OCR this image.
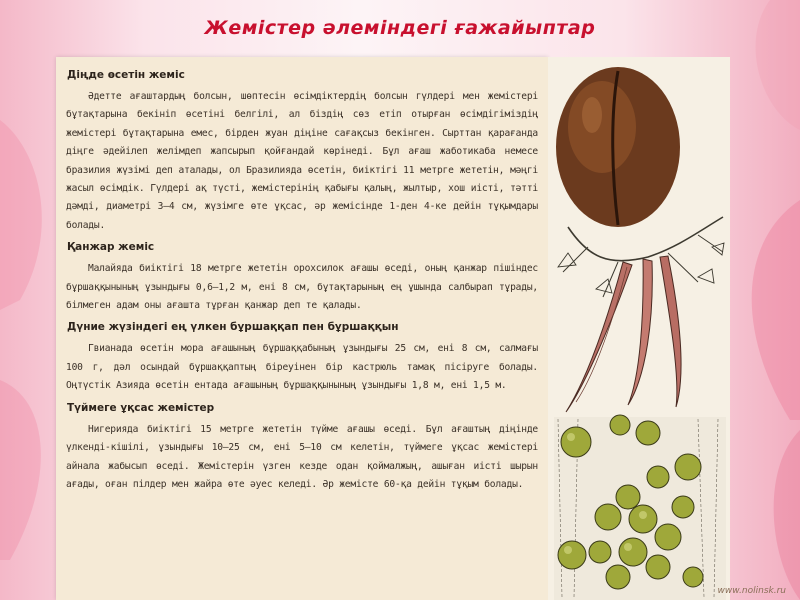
Жемістер әлеміндегі ғажайыптар
Діңде өсетін жеміс

Әдетте ағаштардың болсын, шөптесін өсімдіктердің болсын гүлдері мен жемістері бұтақтарына бекініп өсетіні белгілі, ал біздің сөз етіп отырған өсімдігіміздің жемістері бұтақтарына емес, бірден жуан діңіне сағақсыз бекінген. Сырттан қарағанда діңге әдейілеп желімдеп жапсырып қойғандай көрінеді. Бұл ағаш жаботикаба немесе бразилия жүзімі деп аталады, ол Бразилияда өсетін, биіктігі 11 метрге жететін, мәңгі жасыл өсімдік. Гүлдері ақ түсті, жемістерінің қабығы қалың, жылтыр, хош иісті, тәтті дәмді, диаметрі 3—4 см, жүзімге өте ұқсас, әр жемісінде 1-ден 4-ке дейін тұқымдары болады.

Қанжар жеміс

Малайяда биіктігі 18 метрге жететін орохсилок ағашы өседі, оның қанжар пішіндес бұршаққынының ұзындығы 0,6—1,2 м, ені 8 см, бұтақтарының ең ұшында салбырап тұрады, білмеген адам оны ағашта тұрған қанжар деп те қалады.

Дүние жүзіндегі ең үлкен бұршаққап пен бұршаққын

Гвианада өсетін мора ағашының бұршаққабының ұзындығы 25 см, ені 8 см, салмағы 100 г, дәл осындай бұршаққаптың біреуінен бір кастрюль тамақ пісіруге болады. Оңтүстік Азияда өсетін ентада ағашының бұршаққынының ұзындығы 1,8 м, ені 1,5 м.

Түймеге ұқсас жемістер

Нигерияда биіктігі 15 метрге жететін түйме ағашы өседі. Бұл ағаштың діңінде үлкенді-кішілі, ұзындығы 10—25 см, ені 5—10 см келетін, түймеге ұқсас жемістері айнала жабысып өседі. Жемістерін үзген кезде одан қоймалжың, ашыған иісті шырын ағады, оған пілдер мен жайра өте әуес келеді. Әр жемісте 60-қа дейін тұқым болады.

www.nolinsk.ru
